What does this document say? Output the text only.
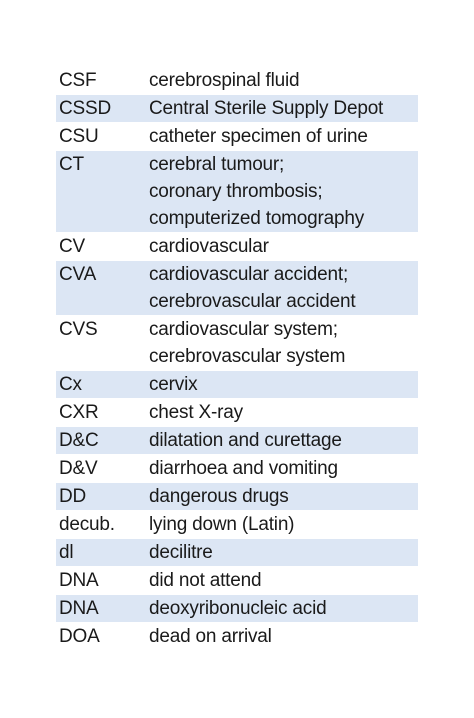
CSF	cerebrospinal fluid
CSSD	Central Sterile Supply Depot
CSU	catheter specimen of urine
CT	cerebral tumour;
coronary thrombosis;
computerized tomography
CV	cardiovascular
CVA	cardiovascular accident;
cerebrovascular accident
CVS	cardiovascular system;
cerebrovascular system
Cx	cervix
CXR	chest X-ray
D&C	dilatation and curettage
D&V	diarrhoea and vomiting
DD	dangerous drugs
decub.	lying down (Latin)
dl	decilitre
DNA	did not attend
DNA	deoxyribonucleic acid
DOA	dead on arrival
